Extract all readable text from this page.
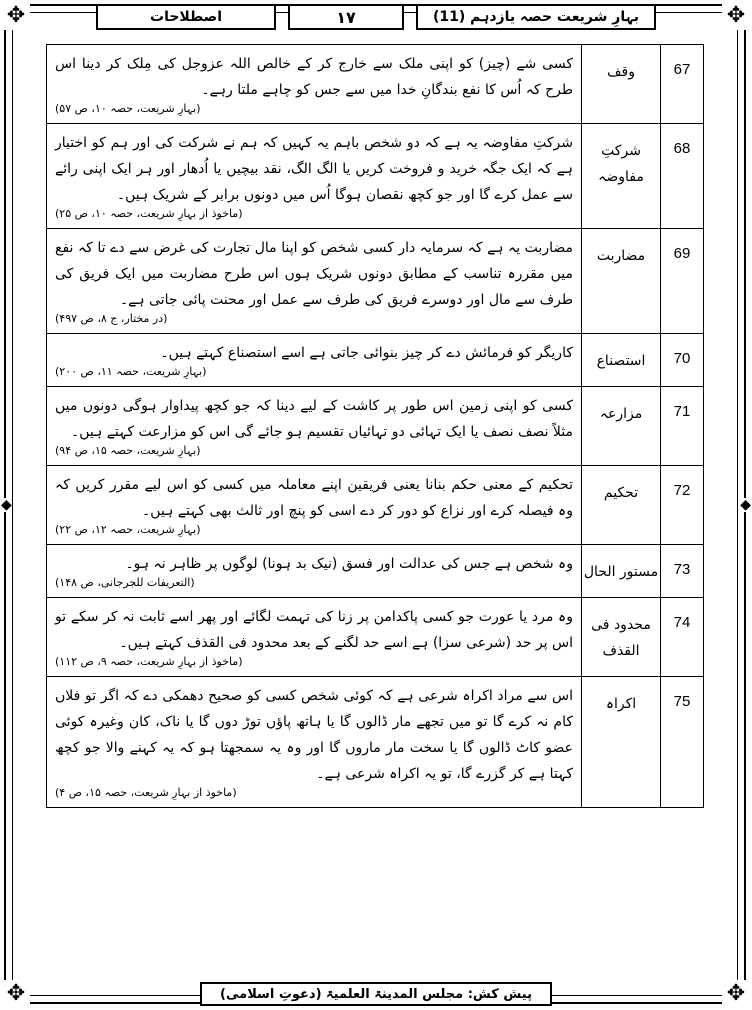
✥	✥
✥	✥
◆	◆
بہارِ شریعت حصہ یازدہم (11)
۱۷
اصطلاحات
67	وقف	کسی شے (چیز) کو اپنی ملک سے خارج کر کے خالص اللہ عزوجل کی مِلک کر دینا اس طرح کہ اُس کا نفع بندگانِ خدا میں سے جس کو چاہے ملتا رہے۔
(بہارِ شریعت، حصہ ۱۰، ص ۵۷)

68	شرکتِ مفاوضہ	شرکتِ مفاوضہ یہ ہے کہ دو شخص باہم یہ کہیں کہ ہم نے شرکت کی اور ہم کو اختیار ہے کہ ایک جگہ خرید و فروخت کریں یا الگ الگ، نقد بیچیں یا اُدھار اور ہر ایک اپنی رائے سے عمل کرے گا اور جو کچھ نقصان ہوگا اُس میں دونوں برابر کے شریک ہیں۔
(ماخوذ از بہارِ شریعت، حصہ ۱۰، ص ۲۵)

69	مضاربت	مضاربت یہ ہے کہ سرمایہ دار کسی شخص کو اپنا مال تجارت کی غرض سے دے تا کہ نفع میں مقررہ تناسب کے مطابق دونوں شریک ہوں اس طرح مضاربت میں ایک فریق کی طرف سے مال اور دوسرے فریق کی طرف سے عمل اور محنت پائی جاتی ہے۔
(در مختار، ج ۸، ص ۴۹۷)

70	استصناع	کاریگر کو فرمائش دے کر چیز بنوائی جاتی ہے اسے استصناع کہتے ہیں۔
(بہارِ شریعت، حصہ ۱۱، ص ۲۰۰)

71	مزارعہ	کسی کو اپنی زمین اس طور پر کاشت کے لیے دینا کہ جو کچھ پیداوار ہوگی دونوں میں مثلاً نصف نصف یا ایک تہائی دو تہائیاں تقسیم ہو جائے گی اس کو مزارعت کہتے ہیں۔
(بہارِ شریعت، حصہ ۱۵، ص ۹۴)

72	تحکیم	تحکیم کے معنی حکم بنانا یعنی فریقین اپنے معاملہ میں کسی کو اس لیے مقرر کریں کہ وہ فیصلہ کرے اور نزاع کو دور کر دے اسی کو پنچ اور ثالث بھی کہتے ہیں۔
(بہارِ شریعت، حصہ ۱۲، ص ۲۲)

73	مستور الحال	وہ شخص ہے جس کی عدالت اور فسق (نیک بد ہونا) لوگوں پر ظاہر نہ ہو۔
(التعریفات للجرجانی، ص ۱۴۸)

74	محدود فی القذف	وہ مرد یا عورت جو کسی پاکدامن پر زنا کی تہمت لگائے اور پھر اسے ثابت نہ کر سکے تو اس پر حد (شرعی سزا) ہے اسے حد لگنے کے بعد محدود فی القذف کہتے ہیں۔
(ماخوذ از بہارِ شریعت، حصہ ۹، ص ۱۱۲)

75	اکراہ	اس سے مراد اکراہ شرعی ہے کہ کوئی شخص کسی کو صحیح دھمکی دے کہ اگر تو فلاں کام نہ کرے گا تو میں تجھے مار ڈالوں گا یا ہاتھ پاؤں توڑ دوں گا یا ناک، کان وغیرہ کوئی عضو کاٹ ڈالوں گا یا سخت مار ماروں گا اور وہ یہ سمجھتا ہو کہ یہ کہنے والا جو کچھ کہتا ہے کر گزرے گا، تو یہ اکراہ شرعی ہے۔
(ماخوذ از بہارِ شریعت، حصہ ۱۵، ص ۴)
پیش کش: مجلس المدینۃ العلمیۃ (دعوتِ اسلامی)
